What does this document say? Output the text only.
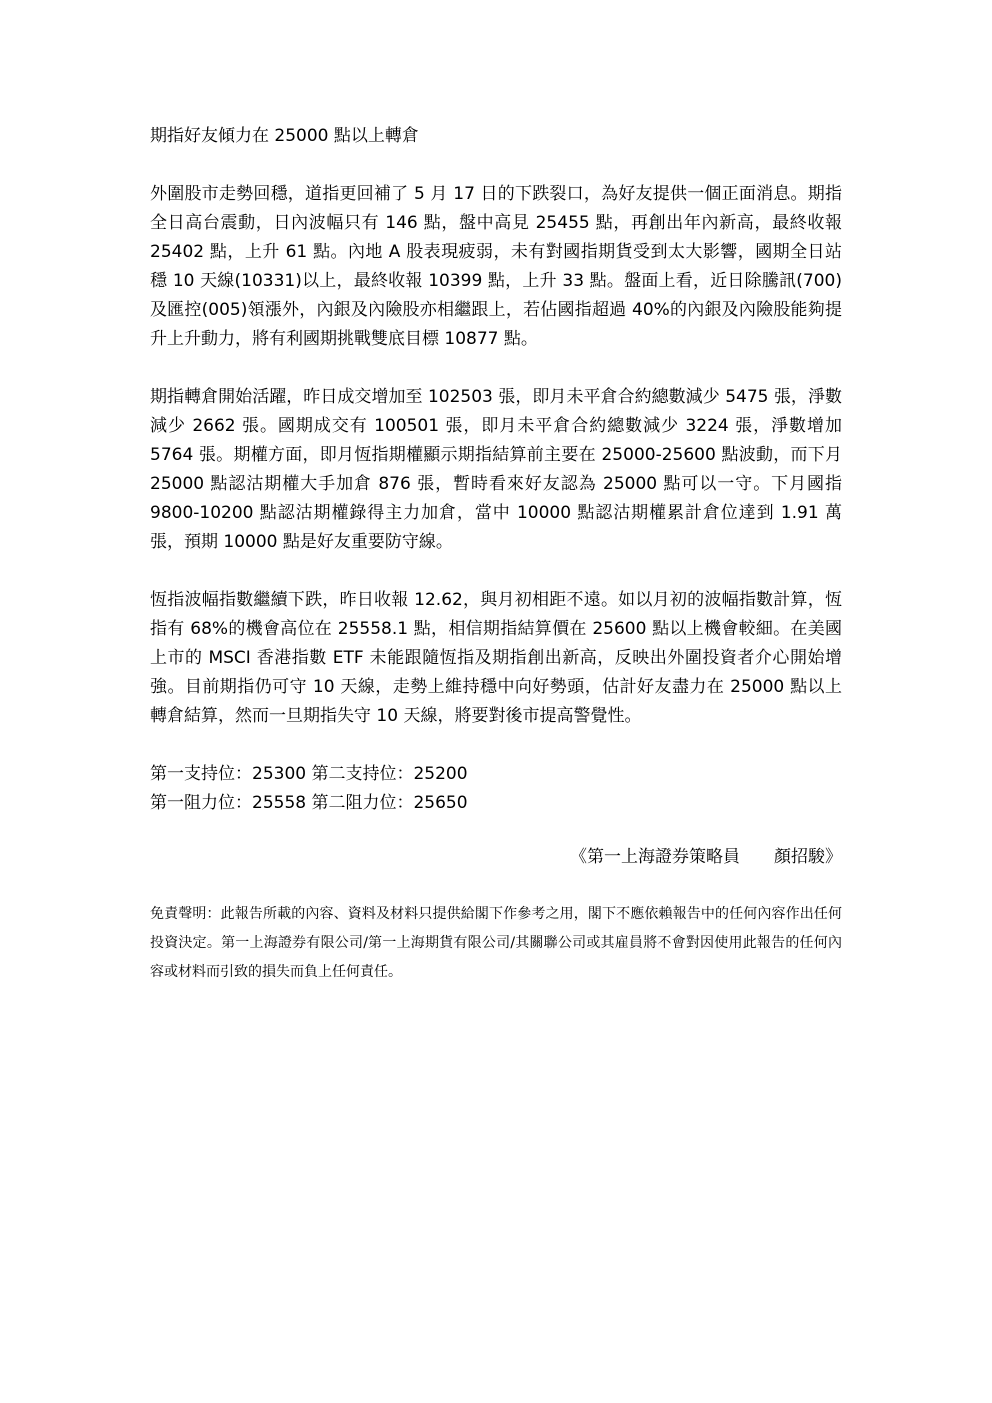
期指好友傾力在 25000 點以上轉倉

外圍股市走勢回穩，道指更回補了 5 月 17 日的下跌裂口，為好友提供一個正面消息。期指全日高台震動，日內波幅只有 146 點，盤中高見 25455 點，再創出年內新高，最終收報 25402 點，上升 61 點。內地 A 股表現疲弱，未有對國指期貨受到太大影響，國期全日站穩 10 天線(10331)以上，最終收報 10399 點，上升 33 點。盤面上看，近日除騰訊(700)及匯控(005)領漲外，內銀及內險股亦相繼跟上，若佔國指超過 40%的內銀及內險股能夠提升上升動力，將有利國期挑戰雙底目標 10877 點。

期指轉倉開始活躍，昨日成交增加至 102503 張，即月未平倉合約總數減少 5475 張，淨數減少 2662 張。國期成交有 100501 張，即月未平倉合約總數減少 3224 張，淨數增加 5764 張。期權方面，即月恆指期權顯示期指結算前主要在 25000-25600 點波動，而下月 25000 點認沽期權大手加倉 876 張，暫時看來好友認為 25000 點可以一守。下月國指 9800-10200 點認沽期權錄得主力加倉，當中 10000 點認沽期權累計倉位達到 1.91 萬張，預期 10000 點是好友重要防守線。

恆指波幅指數繼續下跌，昨日收報 12.62，與月初相距不遠。如以月初的波幅指數計算，恆指有 68%的機會高位在 25558.1 點，相信期指結算價在 25600 點以上機會較細。在美國上市的 MSCI 香港指數 ETF 未能跟隨恆指及期指創出新高，反映出外圍投資者介心開始增強。目前期指仍可守 10 天線，走勢上維持穩中向好勢頭，估計好友盡力在 25000 點以上轉倉結算，然而一旦期指失守 10 天線，將要對後市提高警覺性。

第一支持位：25300 第二支持位：25200
第一阻力位：25558 第二阻力位：25650

《第一上海證券策略員 顏招駿》

免責聲明：此報告所載的內容、資料及材料只提供給閣下作參考之用，閣下不應依賴報告中的任何內容作出任何投資決定。第一上海證券有限公司/第一上海期貨有限公司/其關聯公司或其雇員將不會對因使用此報告的任何內容或材料而引致的損失而負上任何責任。
